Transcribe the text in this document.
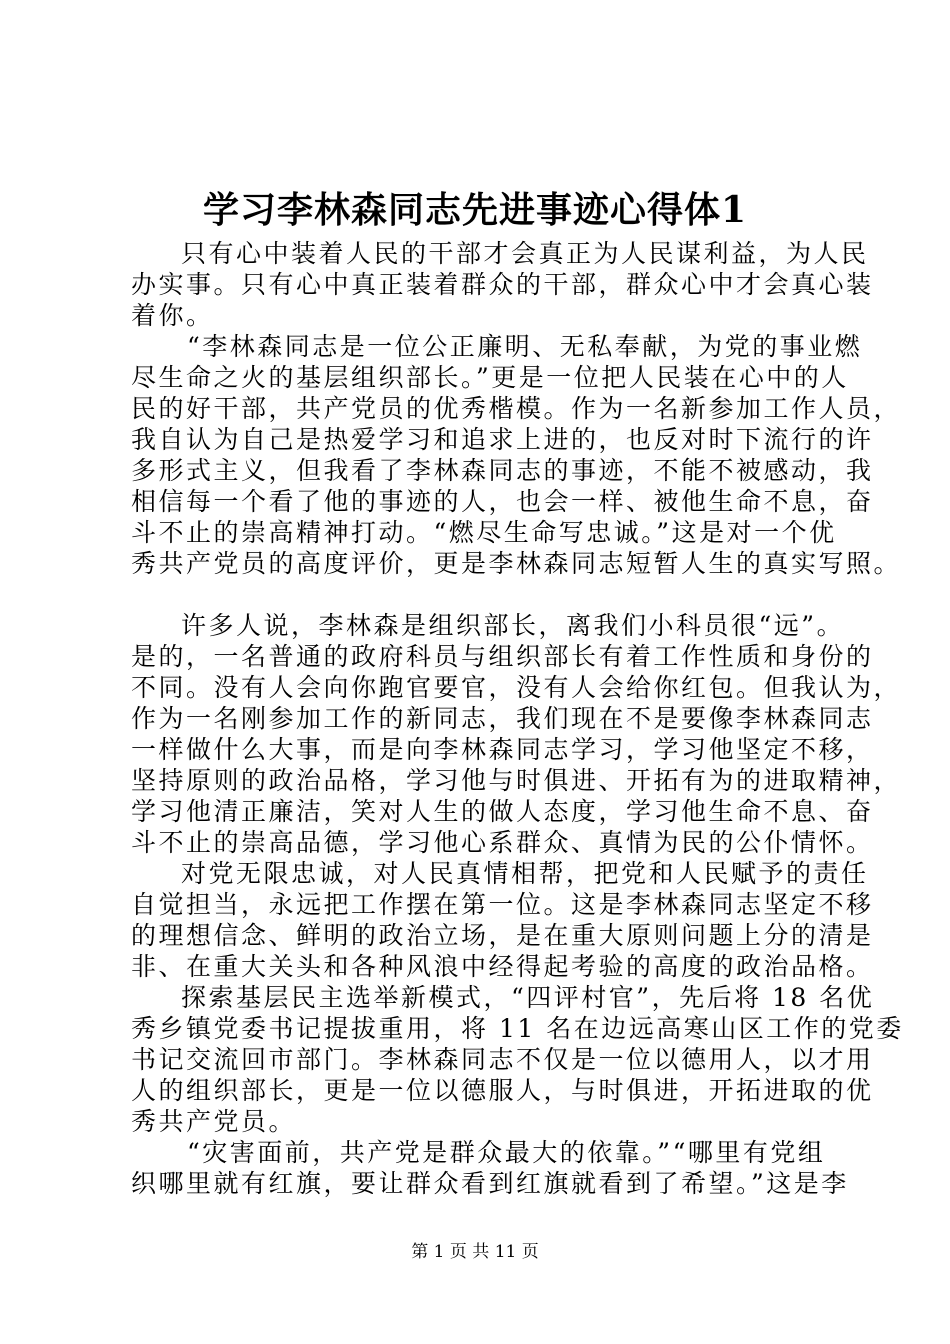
学习李林森同志先进事迹心得体1
只有心中装着人民的干部才会真正为人民谋利益，为人民
办实事。只有心中真正装着群众的干部，群众心中才会真心装
着你。
“李林森同志是一位公正廉明、无私奉献，为党的事业燃
尽生命之火的基层组织部长。”更是一位把人民装在心中的人
民的好干部，共产党员的优秀楷模。作为一名新参加工作人员，
我自认为自己是热爱学习和追求上进的，也反对时下流行的许
多形式主义，但我看了李林森同志的事迹，不能不被感动，我
相信每一个看了他的事迹的人，也会一样、被他生命不息，奋
斗不止的崇高精神打动。“燃尽生命写忠诚。”这是对一个优
秀共产党员的高度评价，更是李林森同志短暂人生的真实写照。
许多人说，李林森是组织部长，离我们小科员很“远”。
是的，一名普通的政府科员与组织部长有着工作性质和身份的
不同。没有人会向你跑官要官，没有人会给你红包。但我认为，
作为一名刚参加工作的新同志，我们现在不是要像李林森同志
一样做什么大事，而是向李林森同志学习，学习他坚定不移，
坚持原则的政治品格，学习他与时俱进、开拓有为的进取精神，
学习他清正廉洁，笑对人生的做人态度，学习他生命不息、奋
斗不止的崇高品德，学习他心系群众、真情为民的公仆情怀。
对党无限忠诚，对人民真情相帮，把党和人民赋予的责任
自觉担当，永远把工作摆在第一位。这是李林森同志坚定不移
的理想信念、鲜明的政治立场，是在重大原则问题上分的清是
非、在重大关头和各种风浪中经得起考验的高度的政治品格。
探索基层民主选举新模式，“四评村官”，先后将 18 名优
秀乡镇党委书记提拔重用，将 11 名在边远高寒山区工作的党委
书记交流回市部门。李林森同志不仅是一位以德用人，以才用
人的组织部长，更是一位以德服人，与时俱进，开拓进取的优
秀共产党员。
“灾害面前，共产党是群众最大的依靠。”“哪里有党组
织哪里就有红旗，要让群众看到红旗就看到了希望。”这是李
第 1 页 共 11 页
